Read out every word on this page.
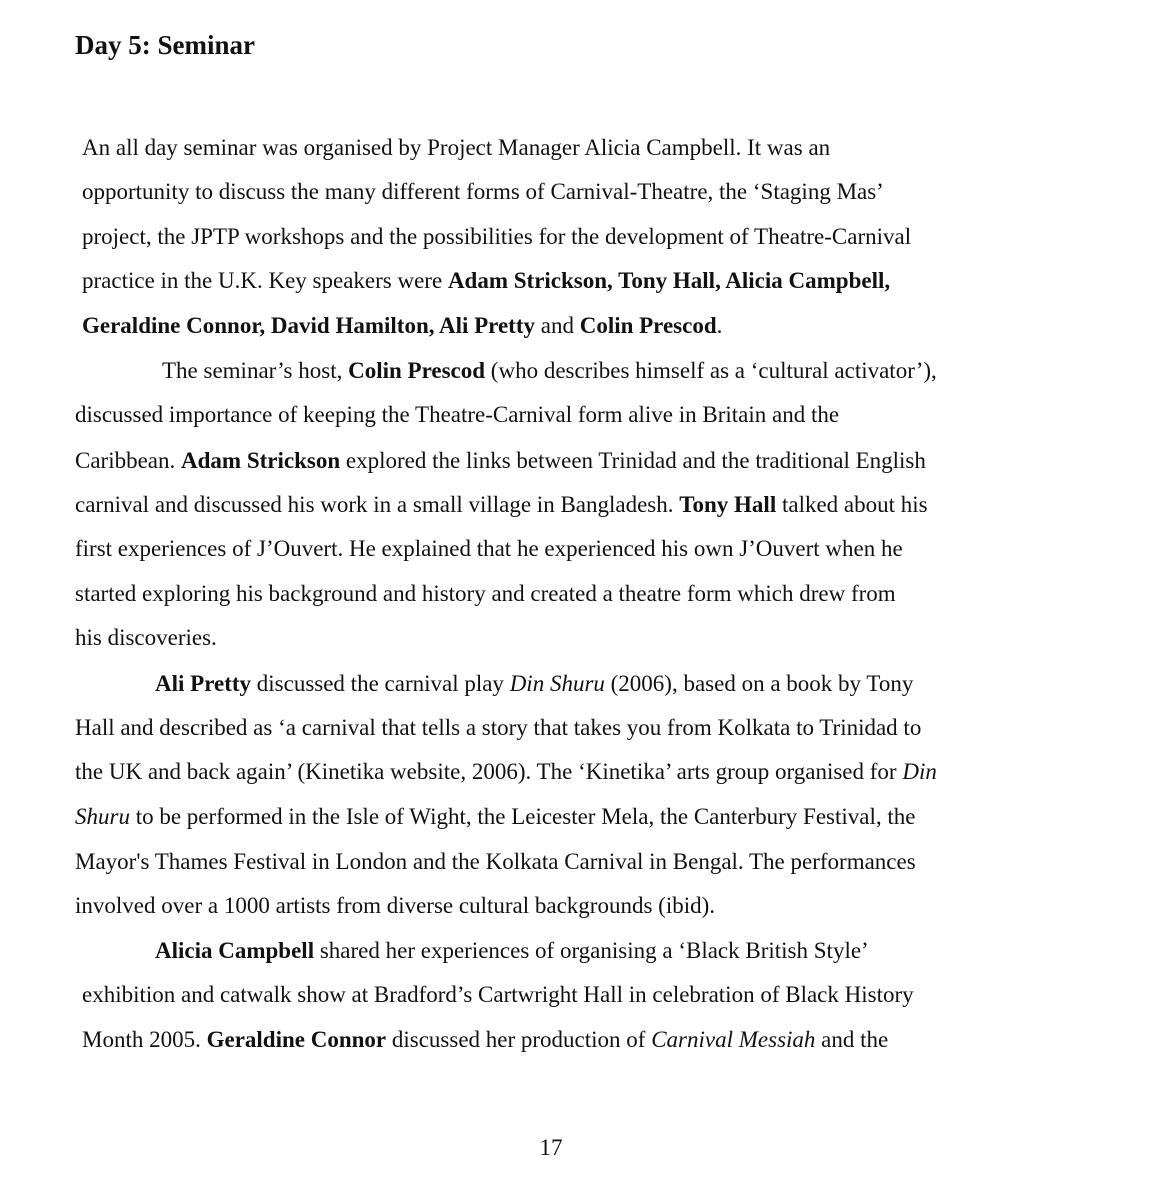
Day 5: Seminar

An all day seminar was organised by Project Manager Alicia Campbell. It was an

opportunity to discuss the many different forms of Carnival-Theatre, the ‘Staging Mas’

project, the JPTP workshops and the possibilities for the development of Theatre-Carnival

practice in the U.K. Key speakers were Adam Strickson, Tony Hall, Alicia Campbell,

Geraldine Connor, David Hamilton, Ali Pretty and Colin Prescod.

The seminar’s host, Colin Prescod (who describes himself as a ‘cultural activator’),

discussed importance of keeping the Theatre-Carnival form alive in Britain and the

Caribbean. Adam Strickson explored the links between Trinidad and the traditional English

carnival and discussed his work in a small village in Bangladesh. Tony Hall talked about his

first experiences of J’Ouvert. He explained that he experienced his own J’Ouvert when he

started exploring his background and history and created a theatre form which drew from

his discoveries.

Ali Pretty discussed the carnival play Din Shuru (2006), based on a book by Tony

Hall and described as ‘a carnival that tells a story that takes you from Kolkata to Trinidad to

the UK and back again’ (Kinetika website, 2006). The ‘Kinetika’ arts group organised for Din

Shuru to be performed in the Isle of Wight, the Leicester Mela, the Canterbury Festival, the

Mayor's Thames Festival in London and the Kolkata Carnival in Bengal. The performances

involved over a 1000 artists from diverse cultural backgrounds (ibid).

Alicia Campbell shared her experiences of organising a ‘Black British Style’

exhibition and catwalk show at Bradford’s Cartwright Hall in celebration of Black History

Month 2005. Geraldine Connor discussed her production of Carnival Messiah and the

17
